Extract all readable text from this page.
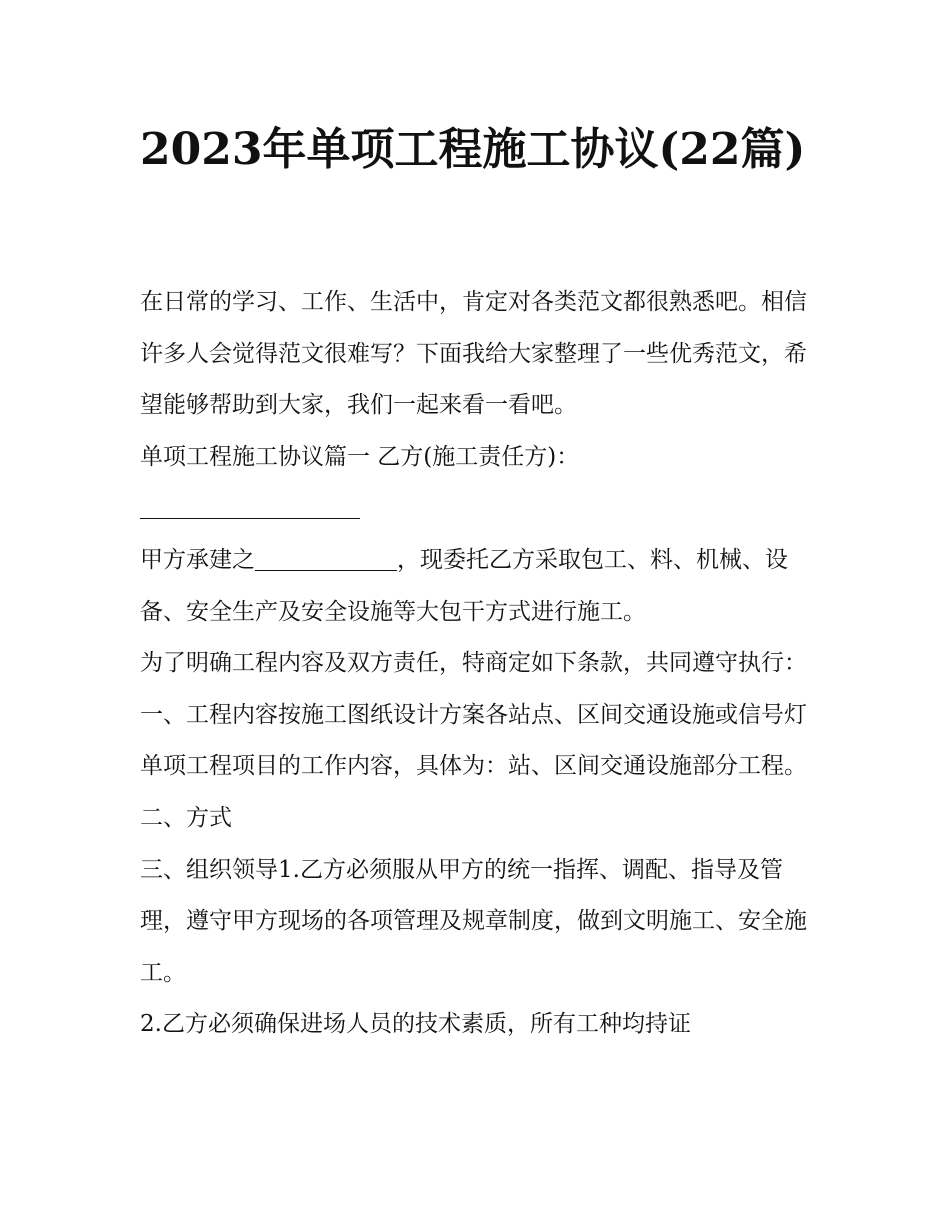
2023年单项工程施工协议(22篇)

在日常的学习、工作、生活中，肯定对各类范文都很熟悉吧。相信许多人会觉得范文很难写？下面我给大家整理了一些优秀范文，希望能够帮助到大家，我们一起来看一看吧。

单项工程施工协议篇一 乙方(施工责任方)：

甲方承建之	，现委托乙方采取包工、料、机械、设备、安全生产及安全设施等大包干方式进行施工。

为了明确工程内容及双方责任，特商定如下条款，共同遵守执行：

一、工程内容按施工图纸设计方案各站点、区间交通设施或信号灯单项工程项目的工作内容，具体为：站、区间交通设施部分工程。 二、方式

三、组织领导1.乙方必须服从甲方的统一指挥、调配、指导及管理，遵守甲方现场的各项管理及规章制度，做到文明施工、安全施工。

2.乙方必须确保进场人员的技术素质，所有工种均持证
